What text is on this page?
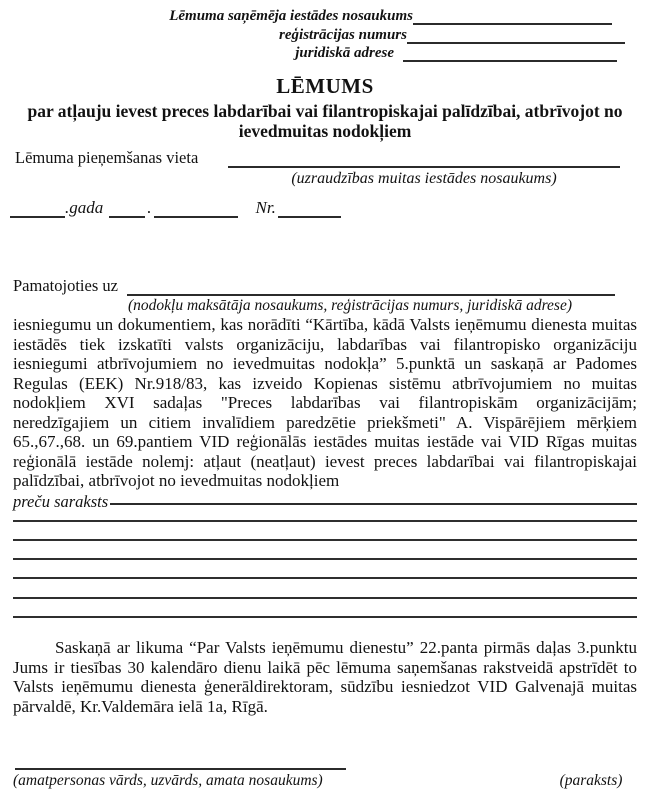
Lēmuma saņēmēja iestādes nosaukums
reģistrācijas numurs
juridiskā adrese
LĒMUMS
par atļauju ievest preces labdarībai vai filantropiskajai palīdzībai, atbrīvojot no
ievedmuitas nodokļiem
Lēmuma pieņemšanas vieta
(uzraudzības muitas iestādes nosaukums)
.gada	.	Nr.
Pamatojoties uz
(nodokļu maksātāja nosaukums, reģistrācijas numurs, juridiskā adrese)

iesniegumu un dokumentiem, kas norādīti “Kārtība, kādā Valsts ieņēmumu dienesta muitas iestādēs tiek izskatīti valsts organizāciju, labdarības vai filantropisko organizāciju iesniegumi atbrīvojumiem no ievedmuitas nodokļa” 5.punktā un saskaņā ar Padomes Regulas (EEK) Nr.918/83, kas izveido Kopienas sistēmu atbrīvojumiem no muitas nodokļiem XVI sadaļas "Preces labdarības vai filantropiskām organizācijām; neredzīgajiem un citiem invalīdiem paredzētie priekšmeti" A. Vispārējiem mērķiem 65.,67.,68. un 69.pantiem VID reģionālās iestādes muitas iestāde vai VID Rīgas muitas reģionālā iestāde nolemj: atļaut (neatļaut) ievest preces labdarībai vai filantropiskajai palīdzībai, atbrīvojot no ievedmuitas nodokļiem

preču saraksts

Saskaņā ar likuma “Par Valsts ieņēmumu dienestu” 22.panta pirmās daļas 3.punktu Jums ir tiesības 30 kalendāro dienu laikā pēc lēmuma saņemšanas rakstveidā apstrīdēt to Valsts ieņēmumu dienesta ģenerāldirektoram, sūdzību iesniedzot VID Galvenajā muitas pārvaldē, Kr.Valdemāra ielā 1a, Rīgā.

(amatpersonas vārds, uzvārds, amata nosaukums)	(paraksts)
